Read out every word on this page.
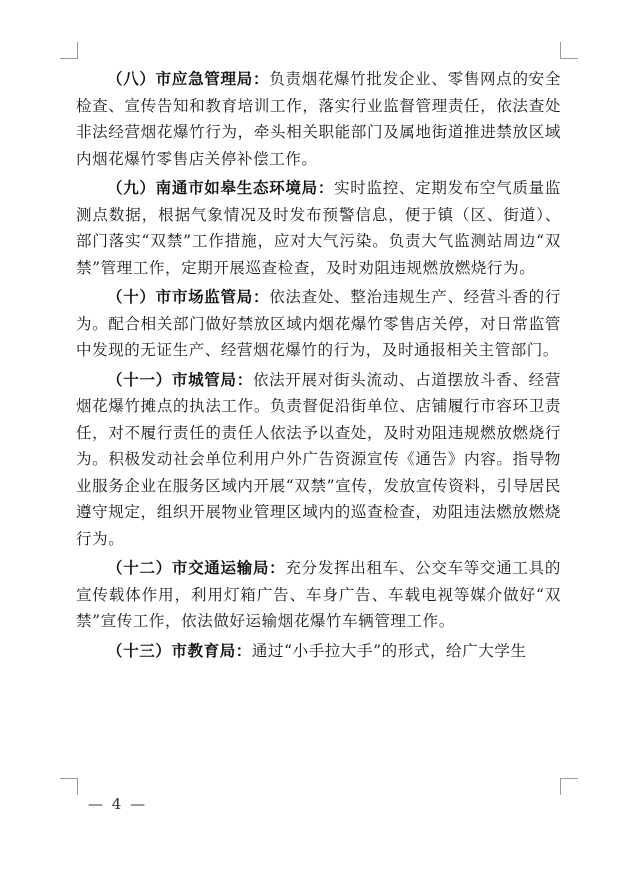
（八）市应急管理局：负责烟花爆竹批发企业、零售网点的安全检查、宣传告知和教育培训工作，落实行业监督管理责任，依法查处非法经营烟花爆竹行为，牵头相关职能部门及属地街道推进禁放区域内烟花爆竹零售店关停补偿工作。

（九）南通市如皋生态环境局：实时监控、定期发布空气质量监测点数据，根据气象情况及时发布预警信息，便于镇（区、街道）、部门落实“双禁”工作措施，应对大气污染。负责大气监测站周边“双禁”管理工作，定期开展巡查检查，及时劝阻违规燃放燃烧行为。

（十）市市场监管局：依法查处、整治违规生产、经营斗香的行为。配合相关部门做好禁放区域内烟花爆竹零售店关停，对日常监管中发现的无证生产、经营烟花爆竹的行为，及时通报相关主管部门。

（十一）市城管局：依法开展对街头流动、占道摆放斗香、经营烟花爆竹摊点的执法工作。负责督促沿街单位、店铺履行市容环卫责任，对不履行责任的责任人依法予以查处，及时劝阻违规燃放燃烧行为。积极发动社会单位利用户外广告资源宣传《通告》内容。指导物业服务企业在服务区域内开展“双禁”宣传，发放宣传资料，引导居民遵守规定，组织开展物业管理区域内的巡查检查，劝阻违法燃放燃烧行为。

（十二）市交通运输局：充分发挥出租车、公交车等交通工具的宣传载体作用，利用灯箱广告、车身广告、车载电视等媒介做好“双禁”宣传工作，依法做好运输烟花爆竹车辆管理工作。

（十三）市教育局：通过“小手拉大手”的形式，给广大学生

— 4 —
